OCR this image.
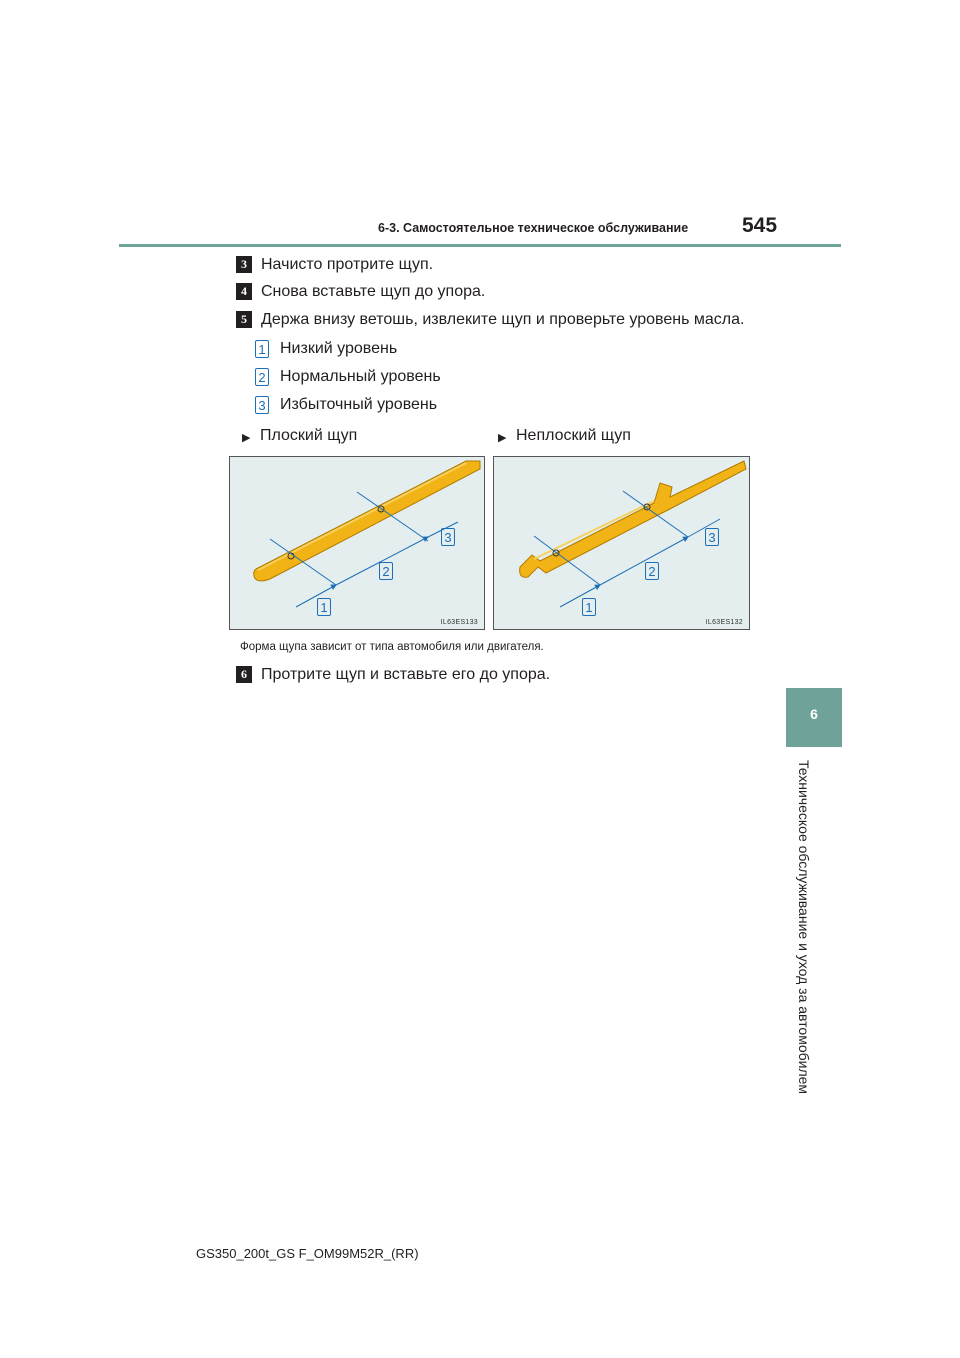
6-3. Самостоятельное техническое обслуживание	545
6
Техническое обслуживание и уход за автомобилем
3 Начисто протрите щуп.
4 Снова вставьте щуп до упора.
5 Держа внизу ветошь, извлеките щуп и проверьте уровень масла.
1 Низкий уровень
2 Нормальный уровень
3 Избыточный уровень
▶ Плоский щуп	▶ Неплоский щуп
1
2
3
IL63ES133
1
2
3
IL63ES132
Форма щупа зависит от типа автомобиля или двигателя.
6 Протрите щуп и вставьте его до упора.
GS350_200t_GS F_OM99M52R_(RR)
